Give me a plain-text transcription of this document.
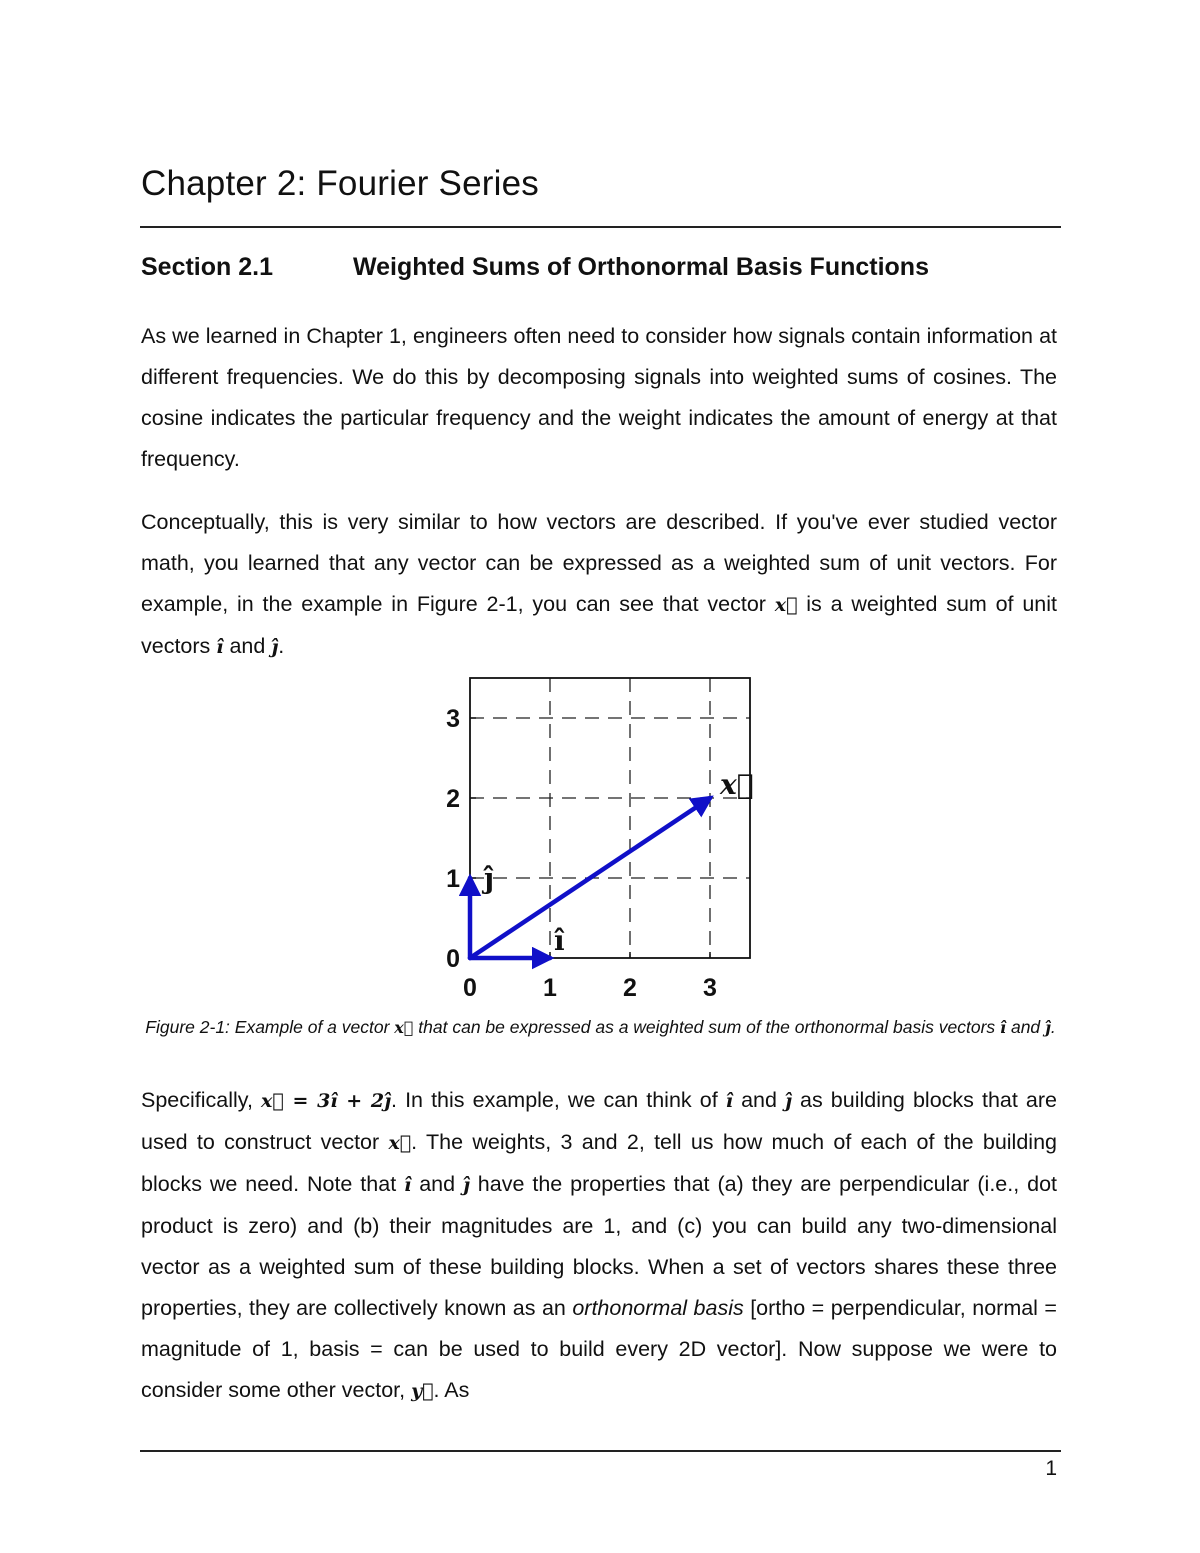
Chapter 2: Fourier Series
Section 2.1	Weighted Sums of Orthonormal Basis Functions

As we learned in Chapter 1, engineers often need to consider how signals contain information at different frequencies. We do this by decomposing signals into weighted sums of cosines. The cosine indicates the particular frequency and the weight indicates the amount of energy at that frequency.

Conceptually, this is very similar to how vectors are described. If you've ever studied vector math, you learned that any vector can be expressed as a weighted sum of unit vectors. For example, in the example in Figure 2-1, you can see that vector x⃗ is a weighted sum of unit vectors ı̂ and ȷ̂.

0	1	2	3
0
1
2
3
x⃗
ĵ
î

Figure 2-1: Example of a vector x⃗ that can be expressed as a weighted sum of the orthonormal basis vectors ı̂ and ȷ̂.

Specifically, x⃗ = 3ı̂ + 2ȷ̂. In this example, we can think of ı̂ and ȷ̂ as building blocks that are used to construct vector x⃗. The weights, 3 and 2, tell us how much of each of the building blocks we need. Note that ı̂ and ȷ̂ have the properties that (a) they are perpendicular (i.e., dot product is zero) and (b) their magnitudes are 1, and (c) you can build any two-dimensional vector as a weighted sum of these building blocks. When a set of vectors shares these three properties, they are collectively known as an orthonormal basis [ortho = perpendicular, normal = magnitude of 1, basis = can be used to build every 2D vector]. Now suppose we were to consider some other vector, y⃗. As

1
